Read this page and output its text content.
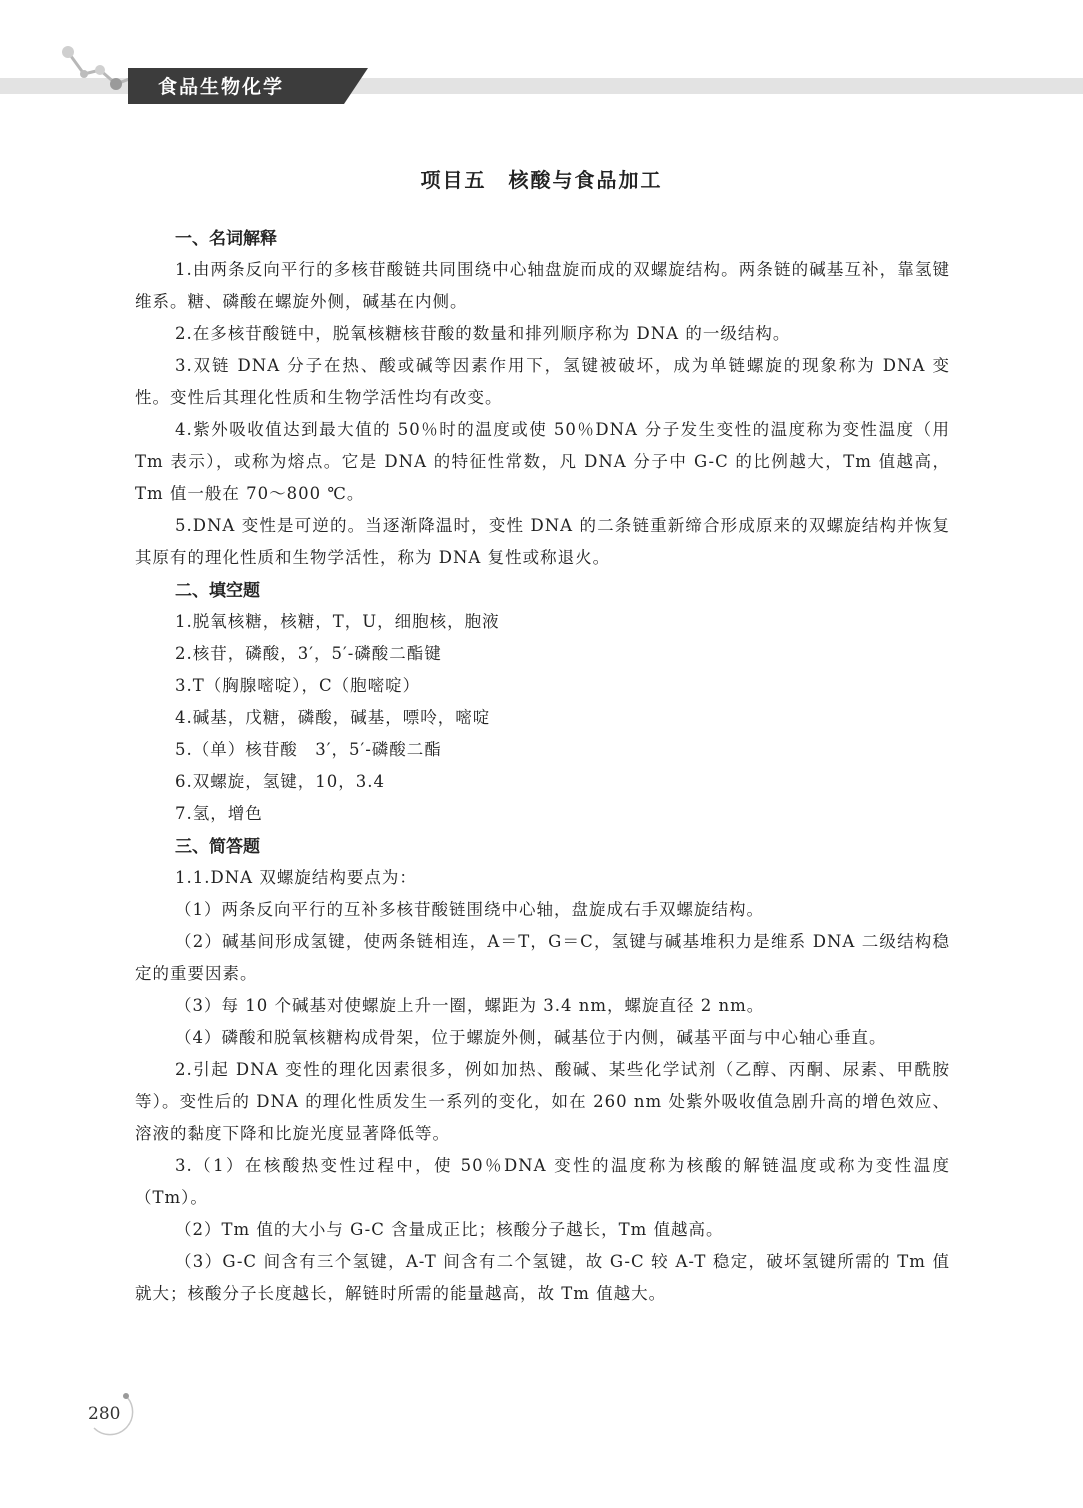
食品生物化学
项目五　核酸与食品加工
一、名词解释

1.由两条反向平行的多核苷酸链共同围绕中心轴盘旋而成的双螺旋结构。两条链的碱基互补，靠氢键维系。糖、磷酸在螺旋外侧，碱基在内侧。

2.在多核苷酸链中，脱氧核糖核苷酸的数量和排列顺序称为 DNA 的一级结构。

3.双链 DNA 分子在热、酸或碱等因素作用下，氢键被破坏，成为单链螺旋的现象称为 DNA 变性。变性后其理化性质和生物学活性均有改变。

4.紫外吸收值达到最大值的 50％时的温度或使 50％DNA 分子发生变性的温度称为变性温度（用 Tm 表示），或称为熔点。它是 DNA 的特征性常数，凡 DNA 分子中 G-C 的比例越大，Tm 值越高，Tm 值一般在 70～800 ℃。

5.DNA 变性是可逆的。当逐渐降温时，变性 DNA 的二条链重新缔合形成原来的双螺旋结构并恢复其原有的理化性质和生物学活性，称为 DNA 复性或称退火。

二、填空题

1.脱氧核糖，核糖，T，U，细胞核，胞液

2.核苷，磷酸，3′，5′-磷酸二酯键

3.T（胸腺嘧啶），C（胞嘧啶）

4.碱基，戊糖，磷酸，碱基，嘌呤，嘧啶

5.（单）核苷酸　3′，5′-磷酸二酯

6.双螺旋，氢键，10，3.4

7.氢，增色

三、简答题

1.1.DNA 双螺旋结构要点为：

（1）两条反向平行的互补多核苷酸链围绕中心轴，盘旋成右手双螺旋结构。

（2）碱基间形成氢键，使两条链相连，A＝T，G＝C，氢键与碱基堆积力是维系 DNA 二级结构稳定的重要因素。

（3）每 10 个碱基对使螺旋上升一圈，螺距为 3.4 nm，螺旋直径 2 nm。

（4）磷酸和脱氧核糖构成骨架，位于螺旋外侧，碱基位于内侧，碱基平面与中心轴心垂直。

2.引起 DNA 变性的理化因素很多，例如加热、酸碱、某些化学试剂（乙醇、丙酮、尿素、甲酰胺等）。变性后的 DNA 的理化性质发生一系列的变化，如在 260 nm 处紫外吸收值急剧升高的增色效应、溶液的黏度下降和比旋光度显著降低等。

3.（1）在核酸热变性过程中，使 50％DNA 变性的温度称为核酸的解链温度或称为变性温度（Tm）。

（2）Tm 值的大小与 G-C 含量成正比；核酸分子越长，Tm 值越高。

（3）G-C 间含有三个氢键，A-T 间含有二个氢键，故 G-C 较 A-T 稳定，破坏氢键所需的 Tm 值就大；核酸分子长度越长，解链时所需的能量越高，故 Tm 值越大。

280
